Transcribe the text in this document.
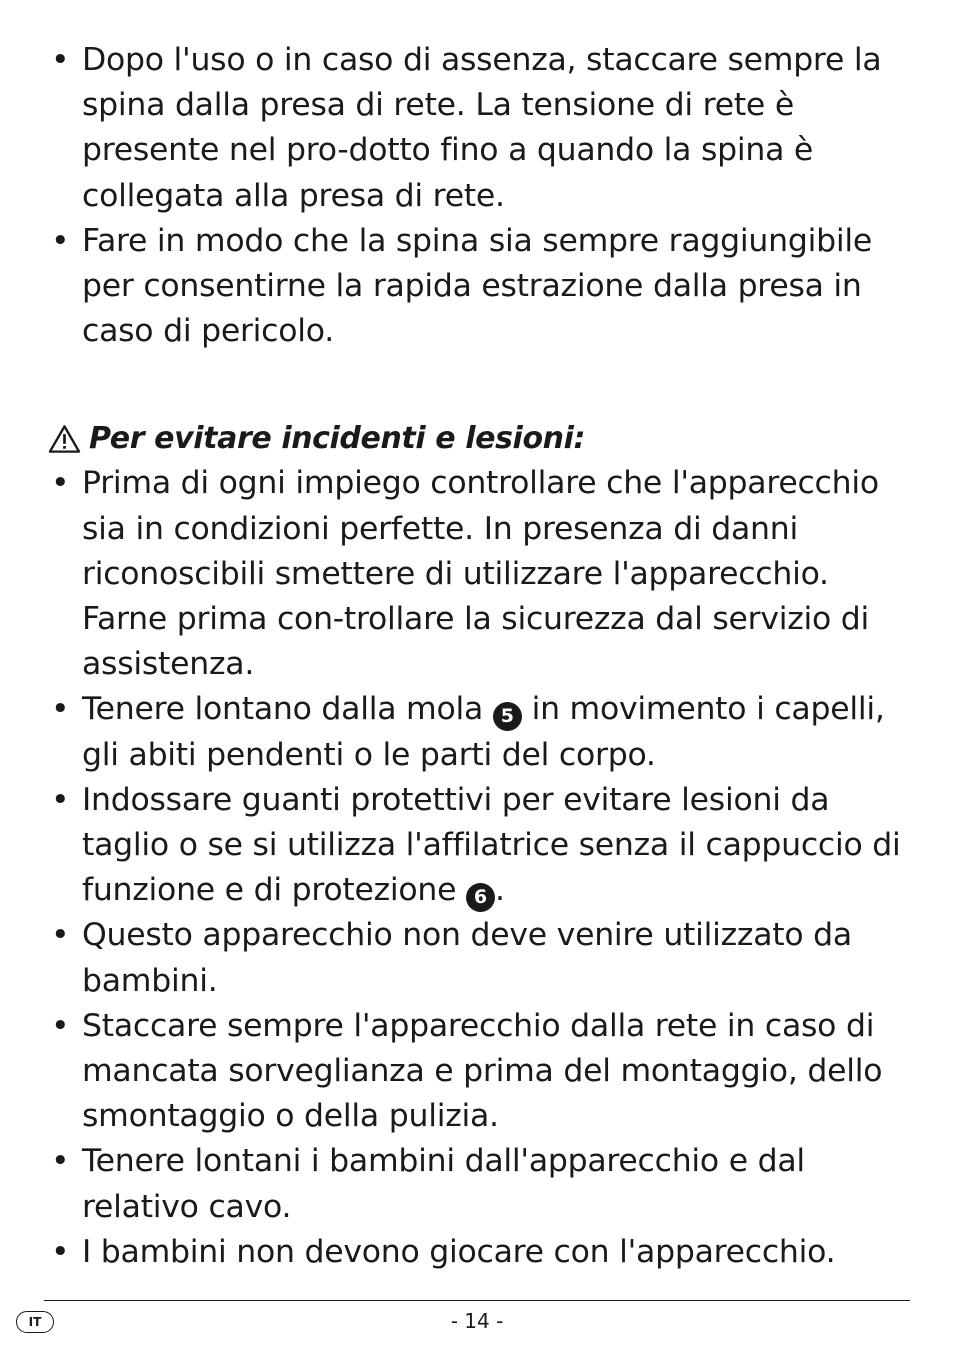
• Dopo l'uso o in caso di assenza, staccare sempre la spina dalla presa di rete. La tensione di rete è presente nel pro-dotto fino a quando la spina è collegata alla presa di rete.
• Fare in modo che la spina sia sempre raggiungibile per consentirne la rapida estrazione dalla presa in caso di pericolo.
Per evitare incidenti e lesioni:
• Prima di ogni impiego controllare che l'apparecchio sia in condizioni perfette. In presenza di danni riconoscibili smettere di utilizzare l'apparecchio. Farne prima con-trollare la sicurezza dal servizio di assistenza.
• Tenere lontano dalla mola 5 in movimento i capelli, gli abiti pendenti o le parti del corpo.
• Indossare guanti protettivi per evitare lesioni da taglio o se si utilizza l'affilatrice senza il cappuccio di funzione e di protezione 6 .
• Questo apparecchio non deve venire utilizzato da bambini.
• Staccare sempre l'apparecchio dalla rete in caso di mancata sorveglianza e prima del montaggio, dello smontaggio o della pulizia.
• Tenere lontani i bambini dall'apparecchio e dal relativo cavo.
• I bambini non devono giocare con l'apparecchio.
IT	- 14 -
